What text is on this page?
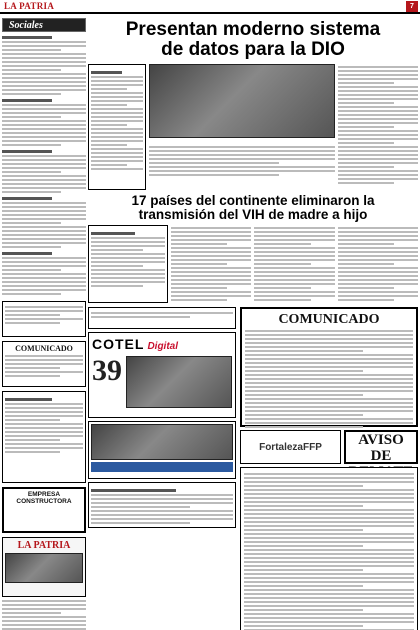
LA PATRIA	7
Sociales
COMUNICADO
EMPRESA CONSTRUCTORA
LA PATRIA
Presentan moderno sistema
de datos para la DIO
17 países del continente eliminaron la
transmisión del VIH de madre a hijo
COTEL Digital
39
COMUNICADO
FortalezaFFP	AVISO
DE
